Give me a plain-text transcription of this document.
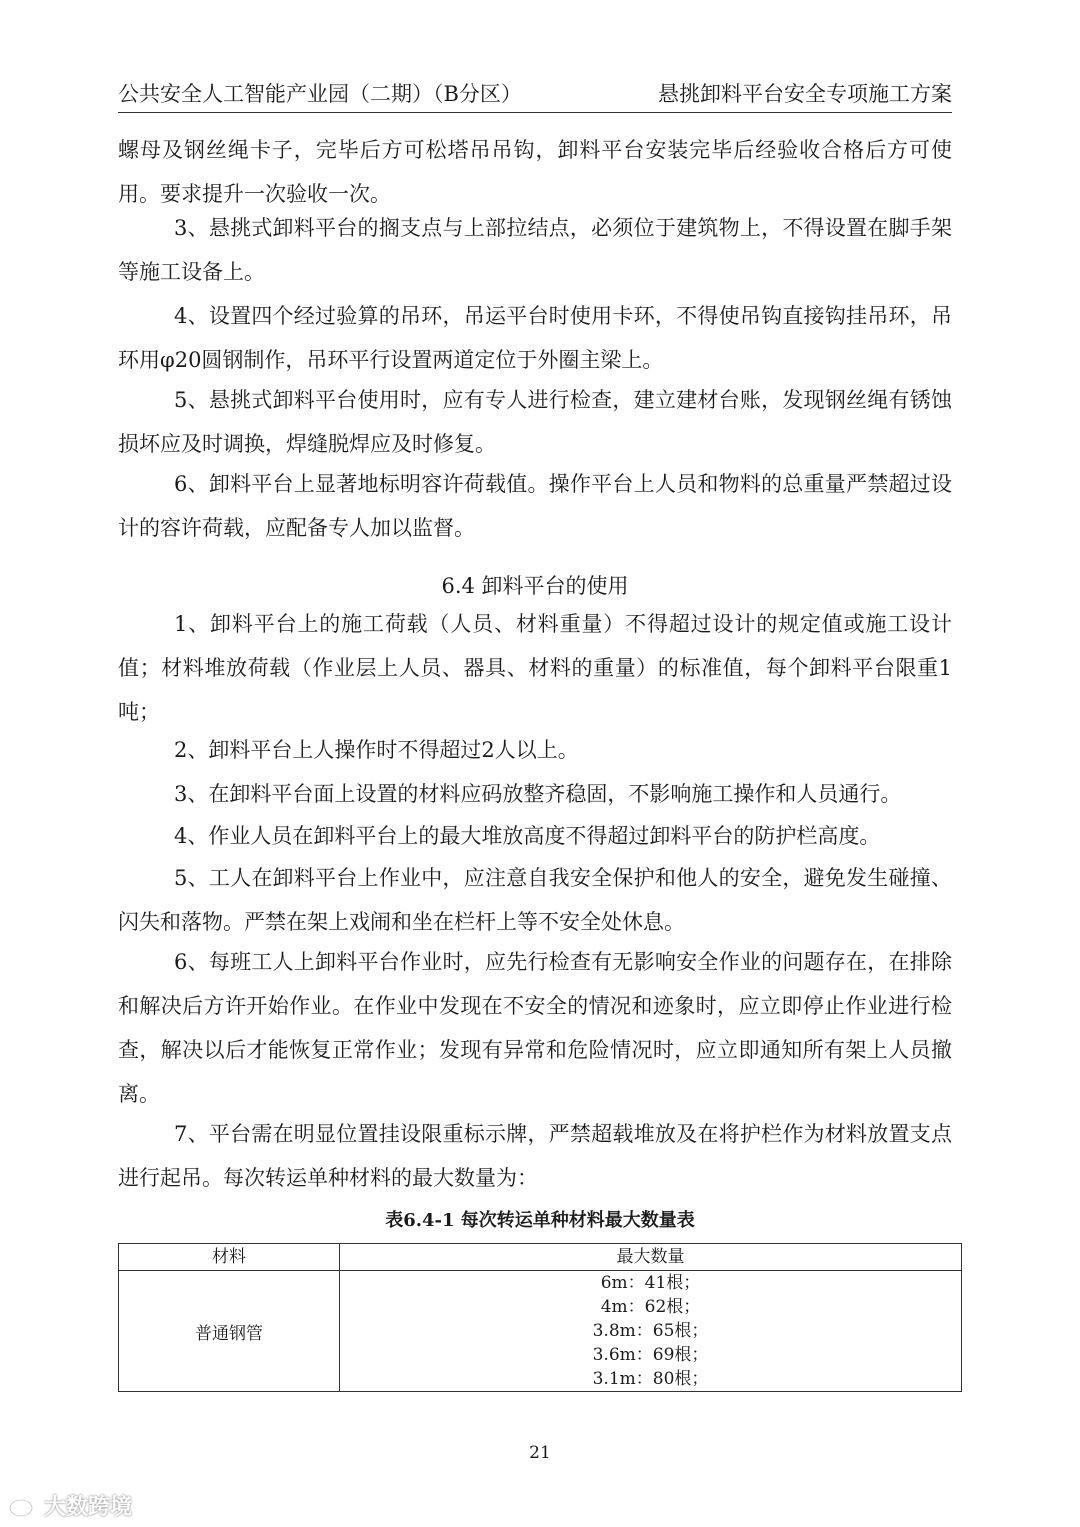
公共安全人工智能产业园（二期）（B分区）	悬挑卸料平台安全专项施工方案

螺母及钢丝绳卡子，完毕后方可松塔吊吊钩，卸料平台安装完毕后经验收合格后方可使用。要求提升一次验收一次。

3、悬挑式卸料平台的搁支点与上部拉结点，必须位于建筑物上，不得设置在脚手架等施工设备上。

4、设置四个经过验算的吊环，吊运平台时使用卡环，不得使吊钩直接钩挂吊环，吊环用φ20圆钢制作，吊环平行设置两道定位于外圈主梁上。

5、悬挑式卸料平台使用时，应有专人进行检查，建立建材台账，发现钢丝绳有锈蚀损坏应及时调换，焊缝脱焊应及时修复。

6、卸料平台上显著地标明容许荷载值。操作平台上人员和物料的总重量严禁超过设计的容许荷载，应配备专人加以监督。

6.4 卸料平台的使用

1、卸料平台上的施工荷载（人员、材料重量）不得超过设计的规定值或施工设计值；材料堆放荷载（作业层上人员、器具、材料的重量）的标准值，每个卸料平台限重1吨；

2、卸料平台上人操作时不得超过2人以上。

3、在卸料平台面上设置的材料应码放整齐稳固，不影响施工操作和人员通行。

4、作业人员在卸料平台上的最大堆放高度不得超过卸料平台的防护栏高度。

5、工人在卸料平台上作业中，应注意自我安全保护和他人的安全，避免发生碰撞、闪失和落物。严禁在架上戏闹和坐在栏杆上等不安全处休息。

6、每班工人上卸料平台作业时，应先行检查有无影响安全作业的问题存在，在排除和解决后方许开始作业。在作业中发现在不安全的情况和迹象时，应立即停止作业进行检查，解决以后才能恢复正常作业；发现有异常和危险情况时，应立即通知所有架上人员撤离。

7、平台需在明显位置挂设限重标示牌，严禁超载堆放及在将护栏作为材料放置支点进行起吊。每次转运单种材料的最大数量为：

表6.4-1 每次转运单种材料最大数量表
材料	最大数量
普通钢管	6m：41根；
4m：62根；
3.8m：65根；
3.6m：69根；
3.1m：80根；
21
大数跨境
